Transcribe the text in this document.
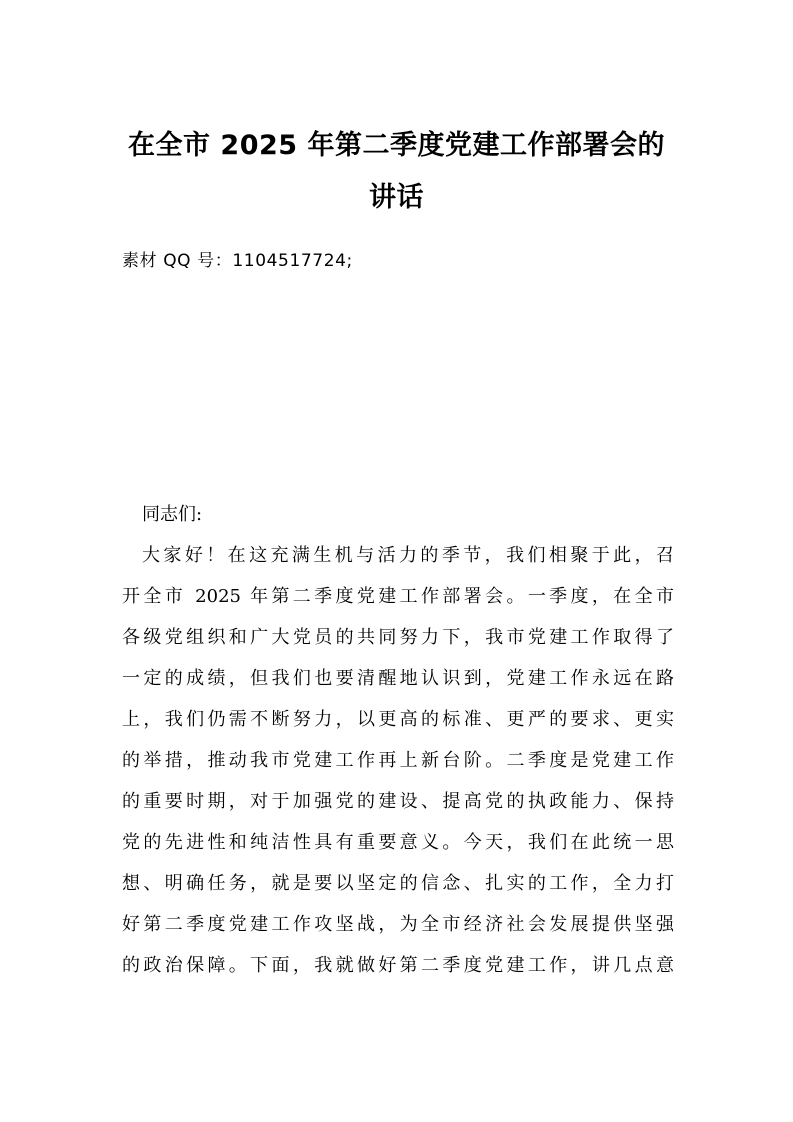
在全市 2025 年第二季度党建工作部署会的
讲话

素材 QQ 号：1104517724;

同志们:
大家好！在这充满生机与活力的季节，我们相聚于此，召
开全市 2025 年第二季度党建工作部署会。一季度，在全市
各级党组织和广大党员的共同努力下，我市党建工作取得了
一定的成绩，但我们也要清醒地认识到，党建工作永远在路
上，我们仍需不断努力，以更高的标准、更严的要求、更实
的举措，推动我市党建工作再上新台阶。二季度是党建工作
的重要时期，对于加强党的建设、提高党的执政能力、保持
党的先进性和纯洁性具有重要意义。今天，我们在此统一思
想、明确任务，就是要以坚定的信念、扎实的工作，全力打
好第二季度党建工作攻坚战，为全市经济社会发展提供坚强
的政治保障。下面，我就做好第二季度党建工作，讲几点意
